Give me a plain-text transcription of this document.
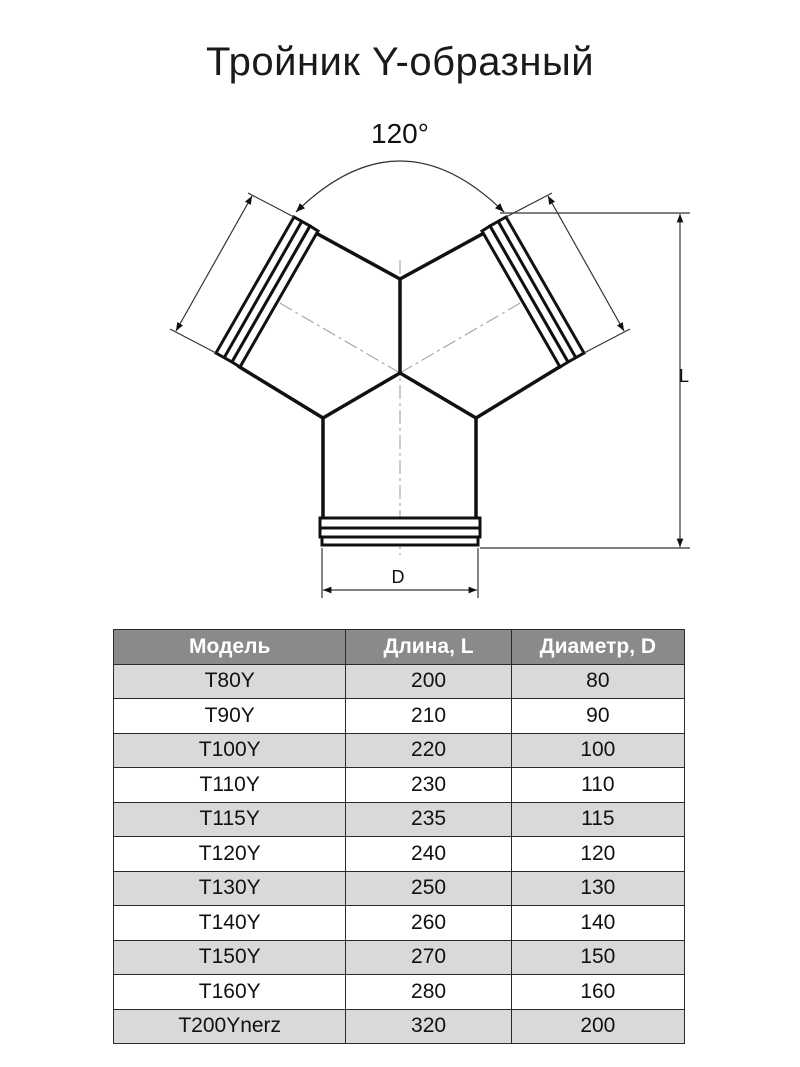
Тройник Y-образный
120°
L
D
Модель	Длина, L	Диаметр, D
T80Y	200	80
T90Y	210	90
T100Y	220	100
T110Y	230	110
T115Y	235	115
T120Y	240	120
T130Y	250	130
T140Y	260	140
T150Y	270	150
T160Y	280	160
T200Ynerz	320	200
